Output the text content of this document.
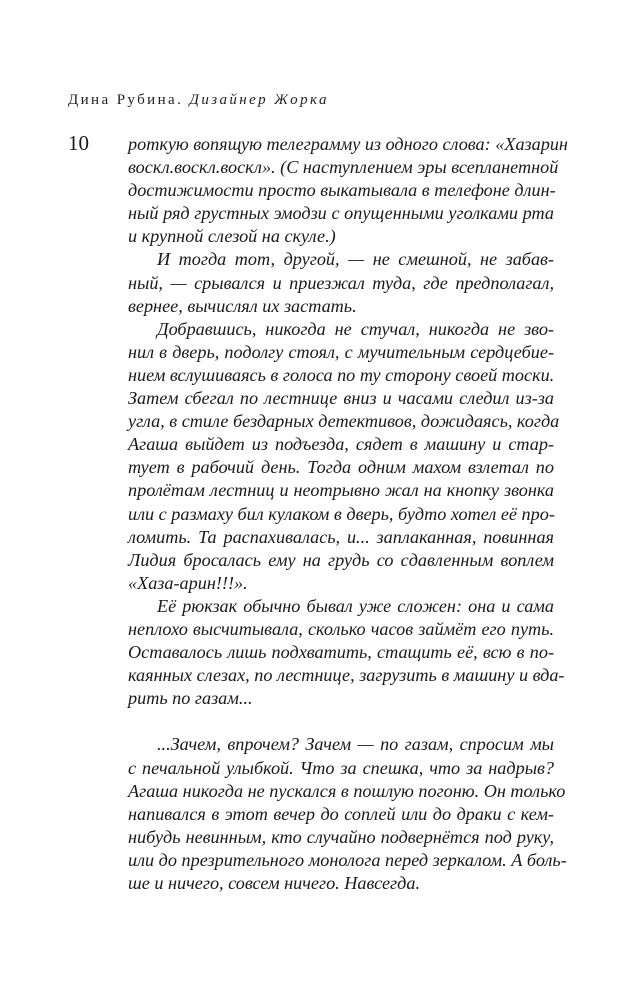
Дина Рубина. Дизайнер Жорка
10 роткую вопящую телеграмму из одного слова: «Хазарин
воскл.воскл.воскл». (С наступлением эры всепланетной
достижимости просто выкатывала в телефоне длин-
ный ряд грустных эмодзи с опущенными уголками рта
и крупной слезой на скуле.)
И тогда тот, другой, — не смешной, не забав-
ный, — срывался и приезжал туда, где предполагал,
вернее, вычислял их застать.
Добравшись, никогда не стучал, никогда не зво-
нил в дверь, подолгу стоял, с мучительным сердцебие-
нием вслушиваясь в голоса по ту сторону своей тоски.
Затем сбегал по лестнице вниз и часами следил из-за
угла, в стиле бездарных детективов, дожидаясь, когда
Агаша выйдет из подъезда, сядет в машину и стар-
тует в рабочий день. Тогда одним махом взлетал по
пролётам лестниц и неотрывно жал на кнопку звонка
или с размаху бил кулаком в дверь, будто хотел её про-
ломить. Та распахивалась, и... заплаканная, повинная
Лидия бросалась ему на грудь со сдавленным воплем
«Хаза-арин!!!».
Её рюкзак обычно бывал уже сложен: она и сама
неплохо высчитывала, сколько часов займёт его путь.
Оставалось лишь подхватить, стащить её, всю в по-
каянных слезах, по лестнице, загрузить в машину и вда-
рить по газам...
...Зачем, впрочем? Зачем — по газам, спросим мы
с печальной улыбкой. Что за спешка, что за надрыв?
Агаша никогда не пускался в пошлую погоню. Он только
напивался в этот вечер до соплей или до драки с кем-
нибудь невинным, кто случайно подвернётся под руку,
или до презрительного монолога перед зеркалом. А боль-
ше и ничего, совсем ничего. Навсегда.
